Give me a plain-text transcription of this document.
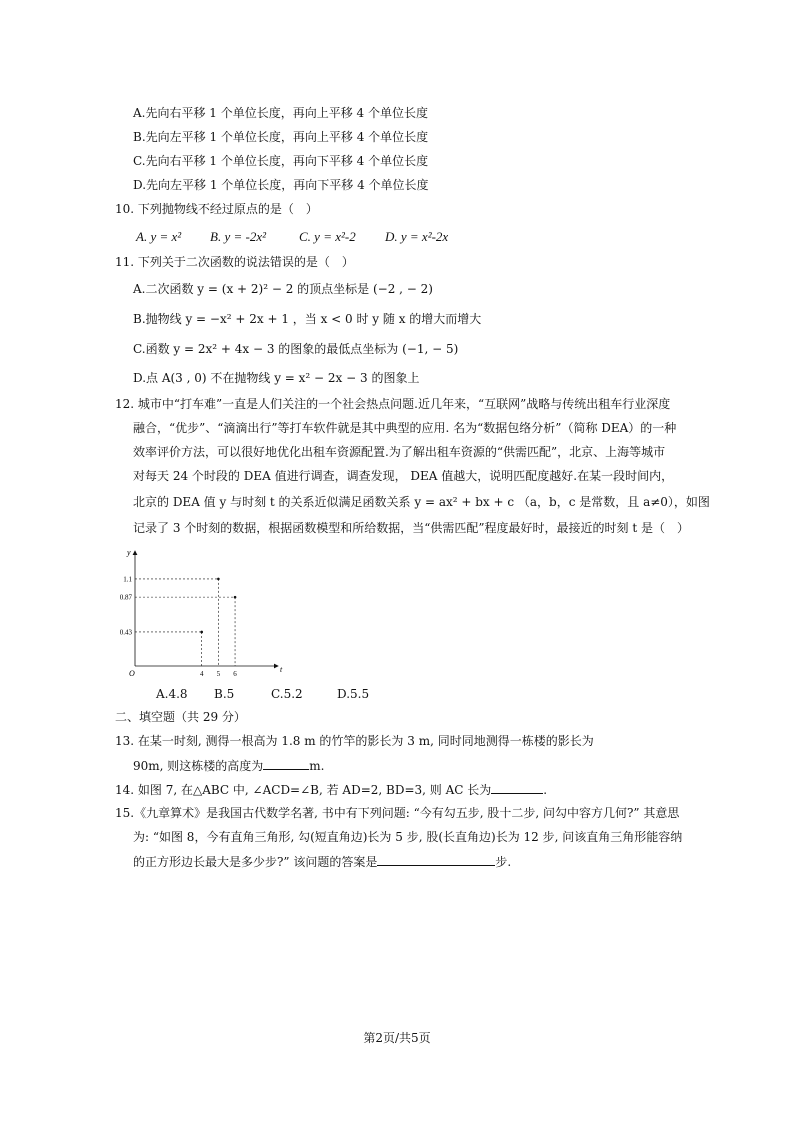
A.先向右平移 1 个单位长度，再向上平移 4 个单位长度
B.先向左平移 1 个单位长度，再向上平移 4 个单位长度
C.先向右平移 1 个单位长度，再向下平移 4 个单位长度
D.先向左平移 1 个单位长度，再向下平移 4 个单位长度
10. 下列抛物线不经过原点的是（　）
A. y = x² B. y = -2x²	C. y = x²-2 D. y = x²-2x
11. 下列关于二次函数的说法错误的是（　）
A.二次函数 y = (x + 2)² − 2 的顶点坐标是 (−2 , − 2)
B.抛物线 y = −x² + 2x + 1 ，当 x < 0 时 y 随 x 的增大而增大
C.函数 y = 2x² + 4x − 3 的图象的最低点坐标为 (−1, − 5)
D.点 A(3 , 0) 不在抛物线 y = x² − 2x − 3 的图象上
12. 城市中“打车难”一直是人们关注的一个社会热点问题.近几年来，“互联网”战略与传统出租车行业深度
融合，“优步”、“滴滴出行”等打车软件就是其中典型的应用. 名为“数据包络分析”（简称 DEA）的一种
效率评价方法，可以很好地优化出租车资源配置.为了解出租车资源的“供需匹配”，北京、上海等城市
对每天 24 个时段的 DEA 值进行调查，调查发现， DEA 值越大，说明匹配度越好.在某一段时间内，
北京的 DEA 值 y 与时刻 t 的关系近似满足函数关系 y = ax² + bx + c （a，b，c 是常数，且 a≠0），如图
记录了 3 个时刻的数据，根据函数模型和所给数据，当“供需匹配”程度最好时，最接近的时刻 t 是（　）
t
y
O	4 5 6
1.1
0.87
0.43
A.4.8 B.5	C.5.2	D.5.5
二、填空题（共 29 分）
13. 在某一时刻, 测得一根高为 1.8 m 的竹竿的影长为 3 m, 同时同地测得一栋楼的影长为
90m, 则这栋楼的高度为	m.
14. 如图 7, 在△ABC 中, ∠ACD=∠B, 若 AD=2, BD=3, 则 AC 长为	.
15.《九章算术》是我国古代数学名著, 书中有下列问题: “今有勾五步, 股十二步, 问勾中容方几何?” 其意思
为: “如图 8，今有直角三角形, 勾(短直角边)长为 5 步, 股(长直角边)长为 12 步, 问该直角三角形能容纳
的正方形边长最大是多少步?” 该问题的答案是	步.
第2页/共5页
